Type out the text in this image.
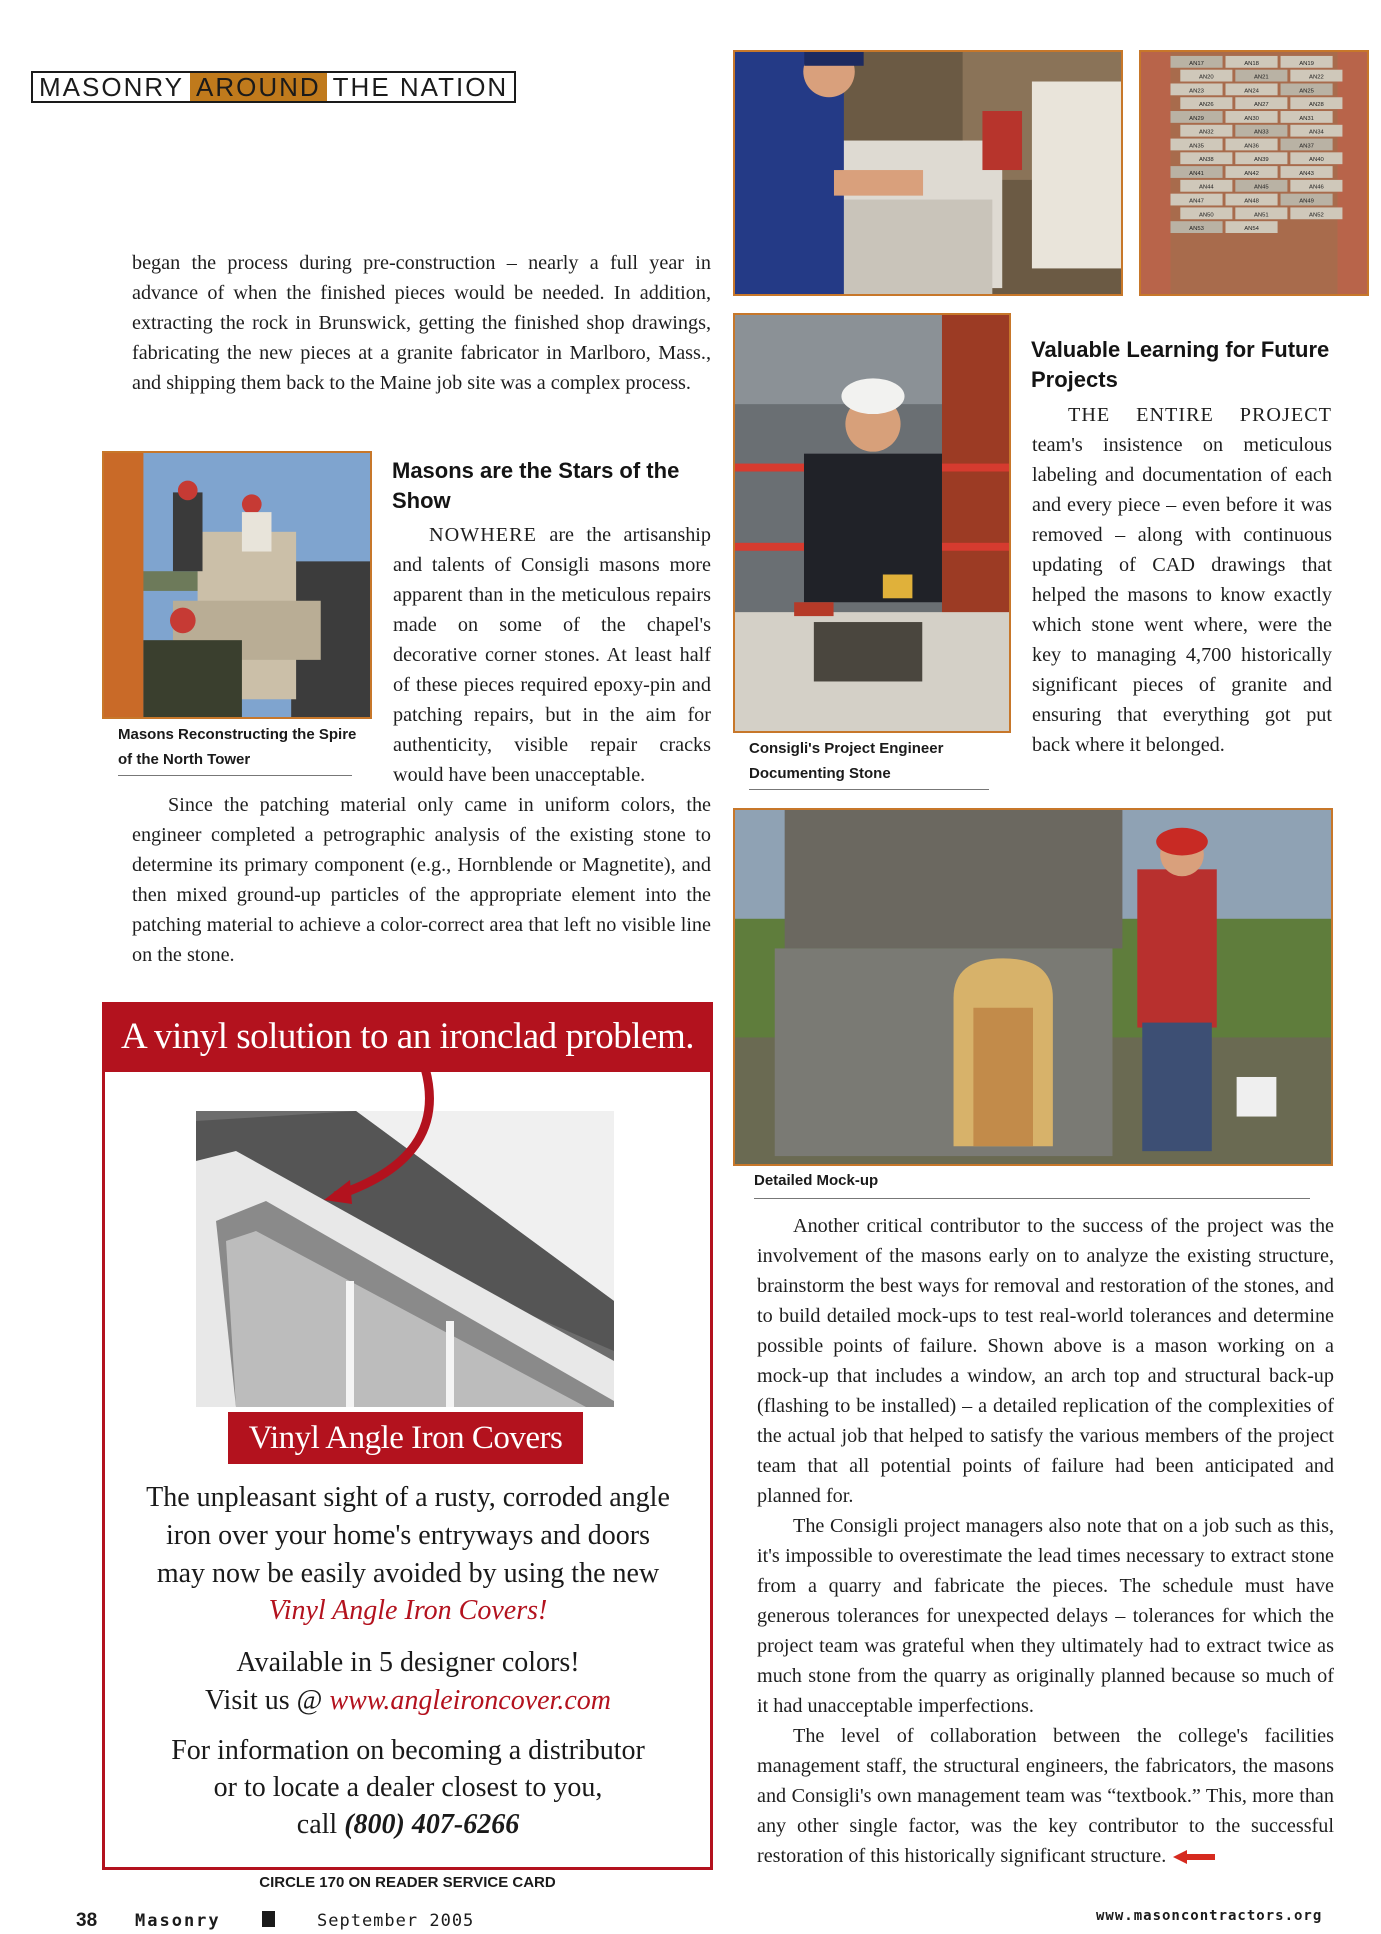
MASONRY AROUND THE NATION
AN17	AN18	AN19
AN20	AN21	AN22
AN23	AN24	AN25
AN26	AN27	AN28
AN29	AN30	AN31
AN32	AN33	AN34
AN35	AN36	AN37
AN38	AN39	AN40
AN41	AN42	AN43
AN44	AN45	AN46
AN47	AN48	AN49
AN50	AN51	AN52
AN53	AN54

began the process during pre-construction – nearly a full year in advance of when the finished pieces would be needed. In addition, extracting the rock in Brunswick, getting the finished shop drawings, fabricating the new pieces at a granite fabricator in Marlboro, Mass., and shipping them back to the Maine job site was a complex process.

Masons Reconstructing the Spire of the North Tower
Masons are the Stars of the Show

NOWHERE are the artisanship and talents of Consigli masons more apparent than in the meticulous repairs made on some of the chapel's decorative corner stones. At least half of these pieces required epoxy-pin and patching repairs, but in the aim for authenticity, visible repair cracks would have been unacceptable.

Since the patching material only came in uniform colors, the engineer completed a petrographic analysis of the existing stone to determine its primary component (e.g., Hornblende or Magnetite), and then mixed ground-up particles of the appropriate element into the patching material to achieve a color-correct area that left no visible line on the stone.

Consigli's Project Engineer Documenting Stone
Valuable Learning for Future Projects

THE ENTIRE PROJECT team's insistence on meticulous labeling and documentation of each and every piece – even before it was removed – along with continuous updating of CAD drawings that helped the masons to know exactly which stone went where, were the key to managing 4,700 historically significant pieces of granite and ensuring that everything got put back where it belonged.

Detailed Mock-up

Another critical contributor to the success of the project was the involvement of the masons early on to analyze the existing structure, brainstorm the best ways for removal and restoration of the stones, and to build detailed mock-ups to test real-world tolerances and determine possible points of failure. Shown above is a mason working on a mock-up that includes a window, an arch top and structural back-up (flashing to be installed) – a detailed replication of the complexities of the actual job that helped to satisfy the various members of the project team that all potential points of failure had been anticipated and planned for.

The Consigli project managers also note that on a job such as this, it's impossible to overestimate the lead times necessary to extract stone from a quarry and fabricate the pieces. The schedule must have generous tolerances for unexpected delays – tolerances for which the project team was grateful when they ultimately had to extract twice as much stone from the quarry as originally planned because so much of it had unacceptable imperfections.

The level of collaboration between the college's facilities management staff, the structural engineers, the fabricators, the masons and Consigli's own management team was “textbook.” This, more than any other single factor, was the key contributor to the successful restoration of this historically significant structure.

A vinyl solution to an ironclad problem.
Vinyl Angle Iron Covers
The unpleasant sight of a rusty, corroded angle
iron over your home's entryways and doors
may now be easily avoided by using the new
Vinyl Angle Iron Covers!
Available in 5 designer colors!
Visit us @ www.angleironcover.com
For information on becoming a distributor
or to locate a dealer closest to you,
call (800) 407-6266
CIRCLE 170 ON READER SERVICE CARD
38 Masonry	September 2005	www.masoncontractors.org
